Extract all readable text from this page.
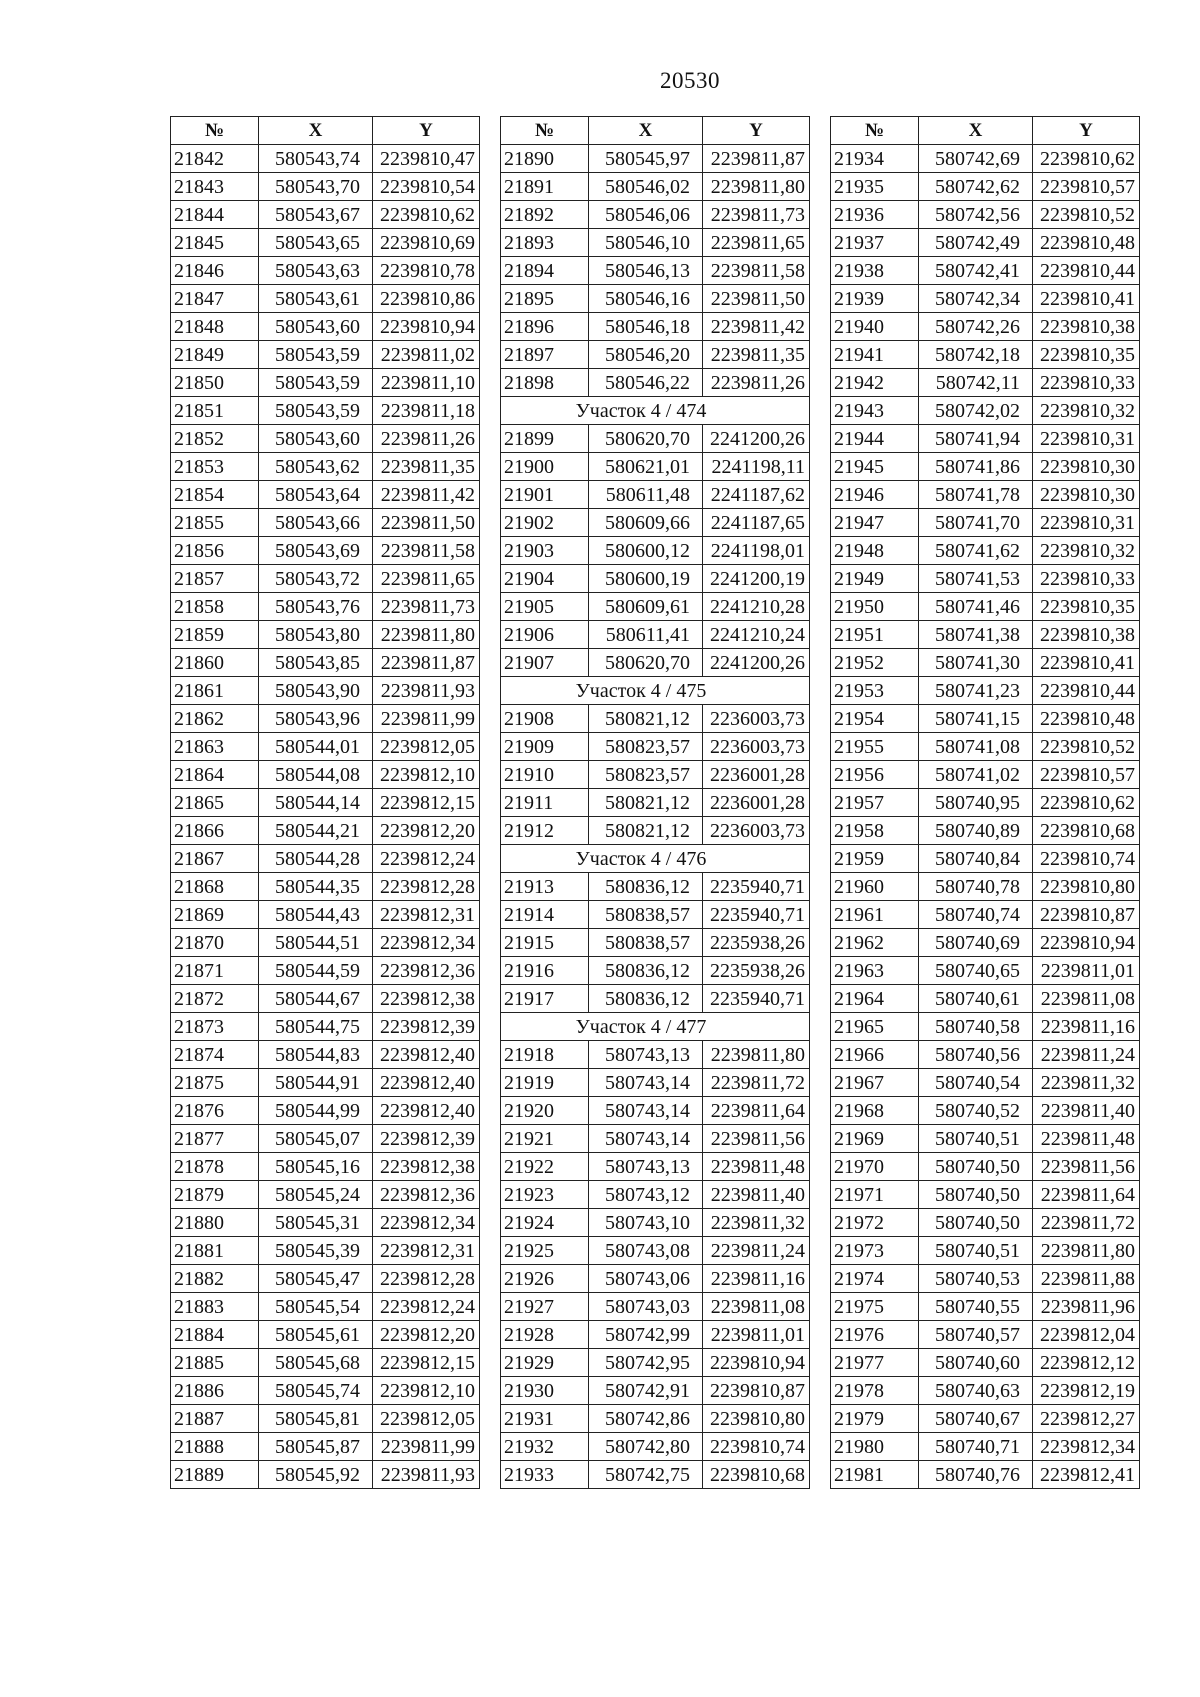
20530
№	X	Y
21842	580543,74	2239810,47
21843	580543,70	2239810,54
21844	580543,67	2239810,62
21845	580543,65	2239810,69
21846	580543,63	2239810,78
21847	580543,61	2239810,86
21848	580543,60	2239810,94
21849	580543,59	2239811,02
21850	580543,59	2239811,10
21851	580543,59	2239811,18
21852	580543,60	2239811,26
21853	580543,62	2239811,35
21854	580543,64	2239811,42
21855	580543,66	2239811,50
21856	580543,69	2239811,58
21857	580543,72	2239811,65
21858	580543,76	2239811,73
21859	580543,80	2239811,80
21860	580543,85	2239811,87
21861	580543,90	2239811,93
21862	580543,96	2239811,99
21863	580544,01	2239812,05
21864	580544,08	2239812,10
21865	580544,14	2239812,15
21866	580544,21	2239812,20
21867	580544,28	2239812,24
21868	580544,35	2239812,28
21869	580544,43	2239812,31
21870	580544,51	2239812,34
21871	580544,59	2239812,36
21872	580544,67	2239812,38
21873	580544,75	2239812,39
21874	580544,83	2239812,40
21875	580544,91	2239812,40
21876	580544,99	2239812,40
21877	580545,07	2239812,39
21878	580545,16	2239812,38
21879	580545,24	2239812,36
21880	580545,31	2239812,34
21881	580545,39	2239812,31
21882	580545,47	2239812,28
21883	580545,54	2239812,24
21884	580545,61	2239812,20
21885	580545,68	2239812,15
21886	580545,74	2239812,10
21887	580545,81	2239812,05
21888	580545,87	2239811,99
21889	580545,92	2239811,93
№	X	Y
21890	580545,97	2239811,87
21891	580546,02	2239811,80
21892	580546,06	2239811,73
21893	580546,10	2239811,65
21894	580546,13	2239811,58
21895	580546,16	2239811,50
21896	580546,18	2239811,42
21897	580546,20	2239811,35
21898	580546,22	2239811,26
Участок 4 / 474		
21899	580620,70	2241200,26
21900	580621,01	2241198,11
21901	580611,48	2241187,62
21902	580609,66	2241187,65
21903	580600,12	2241198,01
21904	580600,19	2241200,19
21905	580609,61	2241210,28
21906	580611,41	2241210,24
21907	580620,70	2241200,26
Участок 4 / 475		
21908	580821,12	2236003,73
21909	580823,57	2236003,73
21910	580823,57	2236001,28
21911	580821,12	2236001,28
21912	580821,12	2236003,73
Участок 4 / 476		
21913	580836,12	2235940,71
21914	580838,57	2235940,71
21915	580838,57	2235938,26
21916	580836,12	2235938,26
21917	580836,12	2235940,71
Участок 4 / 477		
21918	580743,13	2239811,80
21919	580743,14	2239811,72
21920	580743,14	2239811,64
21921	580743,14	2239811,56
21922	580743,13	2239811,48
21923	580743,12	2239811,40
21924	580743,10	2239811,32
21925	580743,08	2239811,24
21926	580743,06	2239811,16
21927	580743,03	2239811,08
21928	580742,99	2239811,01
21929	580742,95	2239810,94
21930	580742,91	2239810,87
21931	580742,86	2239810,80
21932	580742,80	2239810,74
21933	580742,75	2239810,68
№	X	Y
21934	580742,69	2239810,62
21935	580742,62	2239810,57
21936	580742,56	2239810,52
21937	580742,49	2239810,48
21938	580742,41	2239810,44
21939	580742,34	2239810,41
21940	580742,26	2239810,38
21941	580742,18	2239810,35
21942	580742,11	2239810,33
21943	580742,02	2239810,32
21944	580741,94	2239810,31
21945	580741,86	2239810,30
21946	580741,78	2239810,30
21947	580741,70	2239810,31
21948	580741,62	2239810,32
21949	580741,53	2239810,33
21950	580741,46	2239810,35
21951	580741,38	2239810,38
21952	580741,30	2239810,41
21953	580741,23	2239810,44
21954	580741,15	2239810,48
21955	580741,08	2239810,52
21956	580741,02	2239810,57
21957	580740,95	2239810,62
21958	580740,89	2239810,68
21959	580740,84	2239810,74
21960	580740,78	2239810,80
21961	580740,74	2239810,87
21962	580740,69	2239810,94
21963	580740,65	2239811,01
21964	580740,61	2239811,08
21965	580740,58	2239811,16
21966	580740,56	2239811,24
21967	580740,54	2239811,32
21968	580740,52	2239811,40
21969	580740,51	2239811,48
21970	580740,50	2239811,56
21971	580740,50	2239811,64
21972	580740,50	2239811,72
21973	580740,51	2239811,80
21974	580740,53	2239811,88
21975	580740,55	2239811,96
21976	580740,57	2239812,04
21977	580740,60	2239812,12
21978	580740,63	2239812,19
21979	580740,67	2239812,27
21980	580740,71	2239812,34
21981	580740,76	2239812,41
